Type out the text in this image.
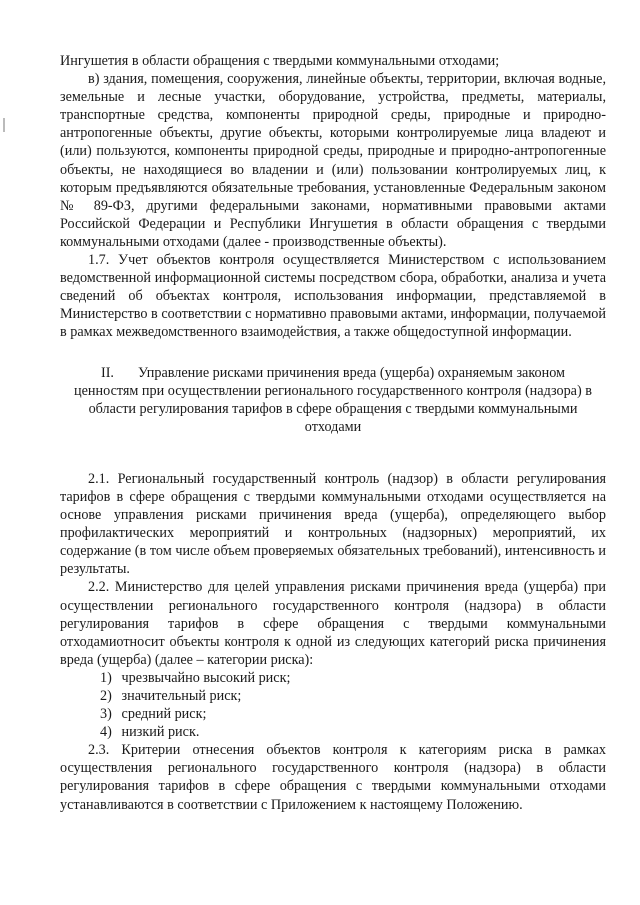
Ингушетия в области обращения с твердыми коммунальными отходами;

в) здания, помещения, сооружения, линейные объекты, территории, включая водные, земельные и лесные участки, оборудование, устройства, предметы, материалы, транспортные средства, компоненты природной среды, природные и природно-антропогенные объекты, другие объекты, которыми контролируемые лица владеют и (или) пользуются, компоненты природной среды, природные и природно-антропогенные объекты, не находящиеся во владении и (или) пользовании контролируемых лиц, к которым предъявляются обязательные требования, установленные Федеральным законом № 89-ФЗ, другими федеральными законами, нормативными правовыми актами Российской Федерации и Республики Ингушетия в области обращения с твердыми коммунальными отходами (далее - производственные объекты).

1.7. Учет объектов контроля осуществляется Министерством с использованием ведомственной информационной системы посредством сбора, обработки, анализа и учета сведений об объектах контроля, использования информации, представляемой в Министерство в соответствии с нормативно правовыми актами, информации, получаемой в рамках межведомственного взаимодействия, а также общедоступной информации.

II. Управление рисками причинения вреда (ущерба) охраняемым законом ценностям при осуществлении регионального государственного контроля (надзора) в области регулирования тарифов в сфере обращения с твердыми коммунальными отходами

2.1. Региональный государственный контроль (надзор) в области регулирования тарифов в сфере обращения с твердыми коммунальными отходами осуществляется на основе управления рисками причинения вреда (ущерба), определяющего выбор профилактических мероприятий и контрольных (надзорных) мероприятий, их содержание (в том числе объем проверяемых обязательных требований), интенсивность и результаты.

2.2. Министерство для целей управления рисками причинения вреда (ущерба) при осуществлении регионального государственного контроля (надзора) в области регулирования тарифов в сфере обращения с твердыми коммунальными отходамиотносит объекты контроля к одной из следующих категорий риска причинения вреда (ущерба) (далее – категории риска):

1) чрезвычайно высокий риск;
2) значительный риск;
3) средний риск;
4) низкий риск.

2.3. Критерии отнесения объектов контроля к категориям риска в рамках осуществления регионального государственного контроля (надзора) в области регулирования тарифов в сфере обращения с твердыми коммунальными отходами устанавливаются в соответствии с Приложением к настоящему Положению.
